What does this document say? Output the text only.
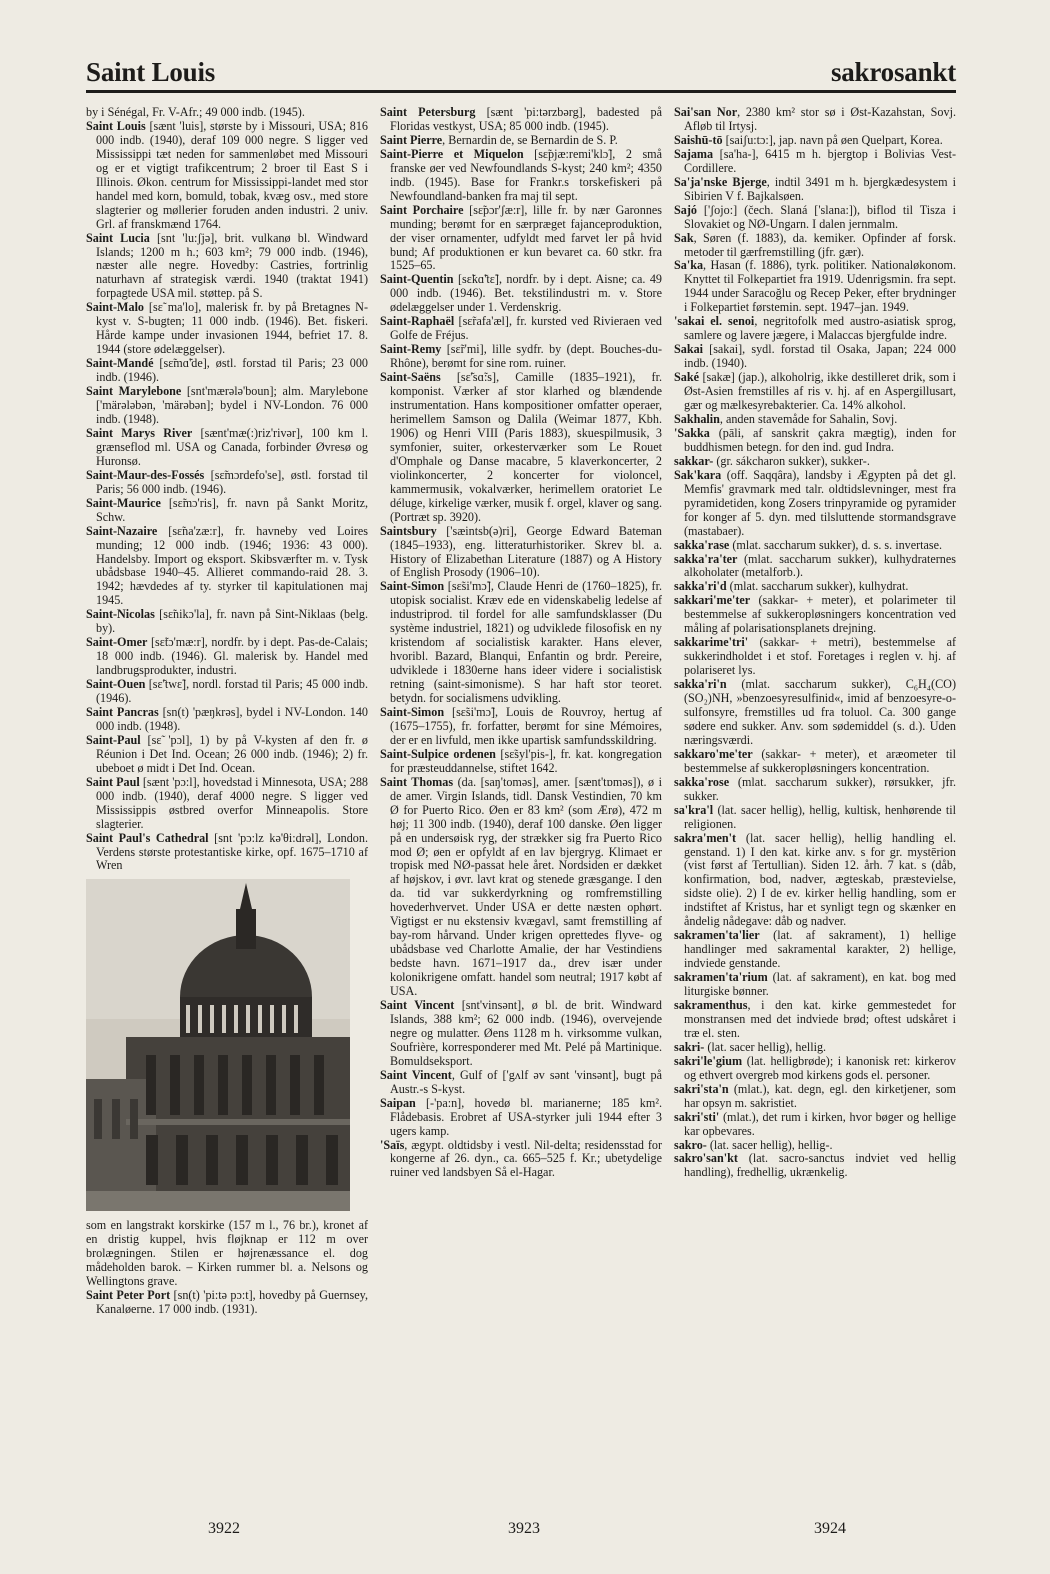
Saint Louis	sakrosankt

by i Sénégal, Fr. V-Afr.; 49 000 indb. (1945).

Saint Louis [sænt 'luis], største by i Missouri, USA; 816 000 indb. (1940), deraf 109 000 negre. S ligger ved Mississippi tæt neden for sammenløbet med Missouri og er et vigtigt trafikcentrum; 2 broer til East S i Illinois. Økon. centrum for Mississippi-landet med stor handel med korn, bomuld, tobak, kvæg osv., med store slagterier og møllerier foruden anden industri. 2 univ. Grl. af franskmænd 1764.

Saint Lucia [snt 'lu:ʃjə], brit. vulkanø bl. Windward Islands; 1200 m h.; 603 km²; 79 000 indb. (1946), næster alle negre. Hovedby: Castries, fortrinlig naturhavn af strategisk værdi. 1940 (traktat 1941) forpagtede USA mil. støttep. på S.

Saint-Malo [sɛ̃ ma'lo], malerisk fr. by på Bretagnes N-kyst v. S-bugten; 11 000 indb. (1946). Bet. fiskeri. Hårde kampe under invasionen 1944, befriet 17. 8. 1944 (store ødelæggelser).

Saint-Mandé [sɛ̃mɑ̃'de], østl. forstad til Paris; 23 000 indb. (1946).

Saint Marylebone [snt'mærələ'boun]; alm. Marylebone ['märələbən, 'märəbən]; bydel i NV-London. 76 000 indb. (1948).

Saint Marys River [sænt'mæ(:)riz'rivər], 100 km l. grænseflod ml. USA og Canada, forbinder Øvresø og Huronsø.

Saint-Maur-des-Fossés [sɛ̃mɔrdefo'se], østl. forstad til Paris; 56 000 indb. (1946).

Saint-Maurice [sɛ̃mɔ'ris], fr. navn på Sankt Moritz, Schw.

Saint-Nazaire [sɛ̃na'zæ:r], fr. havneby ved Loires munding; 12 000 indb. (1946; 1936: 43 000). Handelsby. Import og eksport. Skibsværfter m. v. Tysk ubådsbase 1940–45. Allieret commando-raid 28. 3. 1942; hævdedes af ty. styrker til kapitulationen maj 1945.

Saint-Nicolas [sɛ̃nikɔ'la], fr. navn på Sint-Niklaas (belg. by).

Saint-Omer [sɛ̃tɔ'mæ:r], nordfr. by i dept. Pas-de-Calais; 18 000 indb. (1946). Gl. malerisk by. Handel med landbrugsprodukter, industri.

Saint-Ouen [sɛ̃'twɛ̃], nordl. forstad til Paris; 45 000 indb. (1946).

Saint Pancras [sn(t) 'pæŋkrəs], bydel i NV-London. 140 000 indb. (1948).

Saint-Paul [sɛ̃ 'pɔl], 1) by på V-kysten af den fr. ø Réunion i Det Ind. Ocean; 26 000 indb. (1946); 2) fr. ubeboet ø midt i Det Ind. Ocean.

Saint Paul [sænt 'pɔ:l], hovedstad i Minnesota, USA; 288 000 indb. (1940), deraf 4000 negre. S ligger ved Mississippis østbred overfor Minneapolis. Store slagterier.

Saint Paul's Cathedral [snt 'pɔ:lz kə'θi:drəl], London. Verdens største protestantiske kirke, opf. 1675–1710 af Wren

som en langstrakt korskirke (157 m l., 76 br.), kronet af en dristig kuppel, hvis fløjknap er 112 m over brolægningen. Stilen er højrenæssance el. dog mådeholden barok. – Kirken rummer bl. a. Nelsons og Wellingtons grave.

Saint Peter Port [sn(t) 'pi:tə pɔ:t], hovedby på Guernsey, Kanaløerne. 17 000 indb. (1931).

Saint Petersburg [sænt 'pi:tərzbərg], badested på Floridas vestkyst, USA; 85 000 indb. (1945).

Saint Pierre, Bernardin de, se Bernardin de S. P.

Saint-Pierre et Miquelon [sɛ̃pjæ:remi'klɔ̃], 2 små franske øer ved Newfoundlands S-kyst; 240 km²; 4350 indb. (1945). Base for Frankr.s torskefiskeri på Newfoundland-banken fra maj til sept.

Saint Porchaire [sɛ̃pɔr'ʃæ:r], lille fr. by nær Garonnes munding; berømt for en særpræget fajanceproduktion, der viser ornamenter, udfyldt med farvet ler på hvid bund; Af produktionen er kun bevaret ca. 60 stkr. fra 1525–65.

Saint-Quentin [sɛ̃kɑ̃'tɛ̃], nordfr. by i dept. Aisne; ca. 49 000 indb. (1946). Bet. tekstilindustri m. v. Store ødelæggelser under 1. Verdenskrig.

Saint-Raphaël [sɛ̃rafa'æl], fr. kursted ved Rivieraen ved Golfe de Fréjus.

Saint-Remy [sɛ̃r'mi], lille sydfr. by (dept. Bouches-du-Rhône), berømt for sine rom. ruiner.

Saint-Saëns [sɛ̃'sɑ̃:s], Camille (1835–1921), fr. komponist. Værker af stor klarhed og blændende instrumentation. Hans kompositioner omfatter operaer, herimellem Samson og Dalila (Weimar 1877, Kbh. 1906) og Henri VIII (Paris 1883), skuespilmusik, 3 symfonier, suiter, orkesterværker som Le Rouet d'Omphale og Danse macabre, 5 klaverkoncerter, 2 violinkoncerter, 2 koncerter for violoncel, kammermusik, vokalværker, herimellem oratoriet Le déluge, kirkelige værker, musik f. orgel, klaver og sang. (Portræt sp. 3920).

Saintsbury ['sæintsb(ə)ri], George Edward Bateman (1845–1933), eng. litteraturhistoriker. Skrev bl. a. History of Elizabethan Literature (1887) og A History of English Prosody (1906–10).

Saint-Simon [sɛ̃si'mɔ̃], Claude Henri de (1760–1825), fr. utopisk socialist. Kræv ede en videnskabelig ledelse af industriprod. til fordel for alle samfundsklasser (Du système industriel, 1821) og udviklede filosofisk en ny kristendom af socialistisk karakter. Hans elever, hvoribl. Bazard, Blanqui, Enfantin og brdr. Pereire, udviklede i 1830erne hans ideer videre i socialistisk retning (saint-simonisme). S har haft stor teoret. betydn. for socialismens udvikling.

Saint-Simon [sɛ̃si'mɔ̃], Louis de Rouvroy, hertug af (1675–1755), fr. forfatter, berømt for sine Mémoires, der er en livfuld, men ikke upartisk samfundsskildring.

Saint-Sulpice ordenen [sɛ̃syl'pis-], fr. kat. kongregation for præsteuddannelse, stiftet 1642.

Saint Thomas (da. [saŋ'toməs], amer. [sænt'tɒməs]), ø i de amer. Virgin Islands, tidl. Dansk Vestindien, 70 km Ø for Puerto Rico. Øen er 83 km² (som Ærø), 472 m høj; 11 300 indb. (1940), deraf 100 danske. Øen ligger på en undersøisk ryg, der strækker sig fra Puerto Rico mod Ø; øen er opfyldt af en lav bjergryg. Klimaet er tropisk med NØ-passat hele året. Nordsiden er dækket af højskov, i øvr. lavt krat og stenede græsgange. I den da. tid var sukkerdyrkning og romfremstilling hovederhvervet. Under USA er dette næsten ophørt. Vigtigst er nu ekstensiv kvægavl, samt fremstilling af bay-rom hårvand. Under krigen oprettedes flyve- og ubådsbase ved Charlotte Amalie, der har Vestindiens bedste havn. 1671–1917 da., drev især under kolonikrigene omfatt. handel som neutral; 1917 købt af USA.

Saint Vincent [snt'vinsənt], ø bl. de brit. Windward Islands, 388 km²; 62 000 indb. (1946), overvejende negre og mulatter. Øens 1128 m h. virksomme vulkan, Soufrière, korresponderer med Mt. Pelé på Martinique. Bomuldseksport.

Saint Vincent, Gulf of ['gʌlf əv sənt 'vinsənt], bugt på Austr.-s S-kyst.

Saipan [-'pa:n], hovedø bl. marianerne; 185 km². Flådebasis. Erobret af USA-styrker juli 1944 efter 3 ugers kamp.

'Saïs, ægypt. oldtidsby i vestl. Nil-delta; residensstad for kongerne af 26. dyn., ca. 665–525 f. Kr.; ubetydelige ruiner ved landsbyen Så el-Hagar.

Sai'san Nor, 2380 km² stor sø i Øst-Kazahstan, Sovj. Afløb til Irtysj.

Saishū-tō [saiʃu:tɔ:], jap. navn på øen Quelpart, Korea.

Sajama [sa'ha-], 6415 m h. bjergtop i Bolivias Vest-Cordillere.

Sa'ja'nske Bjerge, indtil 3491 m h. bjergkædesystem i Sibirien V f. Bajkalsøen.

Sajó ['ʃojo:] (čech. Slaná ['slana:]), biflod til Tisza i Slovakiet og NØ-Ungarn. I dalen jernmalm.

Sak, Søren (f. 1883), da. kemiker. Opfinder af forsk. metoder til gærfremstilling (jfr. gær).

Sa'ka, Hasan (f. 1886), tyrk. politiker. Nationaløkonom. Knyttet til Folkepartiet fra 1919. Udenrigsmin. fra sept. 1944 under Saracoğlu og Recep Peker, efter brydninger i Folkepartiet førstemin. sept. 1947–jan. 1949.

'sakai el. senoi, negritofolk med austro-asiatisk sprog, samlere og lavere jægere, i Malaccas bjergfulde indre.

Sakai [sakai], sydl. forstad til Osaka, Japan; 224 000 indb. (1940).

Saké [sakæ] (jap.), alkoholrig, ikke destilleret drik, som i Øst-Asien fremstilles af ris v. hj. af en Aspergillusart, gær og mælkesyrebakterier. Ca. 14% alkohol.

Sakhalin, anden stavemåde for Sahalin, Sovj.

'Sakka (pāli, af sanskrit çakra mægtig), inden for buddhismen betegn. for den ind. gud Indra.

sakkar- (gr. sákcharon sukker), sukker-.

Sak'kara (off. Saqqâra), landsby i Ægypten på det gl. Memfis' gravmark med talr. oldtidslevninger, mest fra pyramidetiden, kong Zosers trinpyramide og pyramider for konger af 5. dyn. med tilsluttende stormandsgrave (mastabaer).

sakka'rase (mlat. saccharum sukker), d. s. s. invertase.

sakka'ra'ter (mlat. saccharum sukker), kulhydraternes alkoholater (metalforb.).

sakka'ri'd (mlat. saccharum sukker), kulhydrat.

sakkari'me'ter (sakkar- + meter), et polarimeter til bestemmelse af sukkeropløsningers koncentration ved måling af polarisationsplanets drejning.

sakkarime'tri' (sakkar- + metri), bestemmelse af sukkerindholdet i et stof. Foretages i reglen v. hj. af polariseret lys.

sakka'ri'n (mlat. saccharum sukker), C₆H₄(CO)(SO₂)NH, »benzoesyresulfinid«, imid af benzoesyre-o-sulfonsyre, fremstilles ud fra toluol. Ca. 300 gange sødere end sukker. Anv. som sødemiddel (s. d.). Uden næringsværdi.

sakkaro'me'ter (sakkar- + meter), et aræometer til bestemmelse af sukkeropløsningers koncentration.

sakka'rose (mlat. saccharum sukker), rørsukker, jfr. sukker.

sa'kra'l (lat. sacer hellig), hellig, kultisk, henhørende til religionen.

sakra'men't (lat. sacer hellig), hellig handling el. genstand. 1) I den kat. kirke anv. s for gr. mystērion (vist først af Tertullian). Siden 12. årh. 7 kat. s (dåb, konfirmation, bod, nadver, ægteskab, præstevielse, sidste olie). 2) I de ev. kirker hellig handling, som er indstiftet af Kristus, har et synligt tegn og skænker en åndelig nådegave: dåb og nadver.

sakramen'ta'lier (lat. af sakrament), 1) hellige handlinger med sakramental karakter, 2) hellige, indviede genstande.

sakramen'ta'rium (lat. af sakrament), en kat. bog med liturgiske bønner.

sakramenthus, i den kat. kirke gemmestedet for monstransen med det indviede brød; oftest udskåret i træ el. sten.

sakri- (lat. sacer hellig), hellig.

sakri'le'gium (lat. helligbrøde); i kanonisk ret: kirkerov og ethvert overgreb mod kirkens gods el. personer.

sakri'sta'n (mlat.), kat. degn, egl. den kirketjener, som har opsyn m. sakristiet.

sakri'sti' (mlat.), det rum i kirken, hvor bøger og hellige kar opbevares.

sakro- (lat. sacer hellig), hellig-.

sakro'san'kt (lat. sacro-sanctus indviet ved hellig handling), fredhellig, ukrænkelig.

3922	3923	3924
